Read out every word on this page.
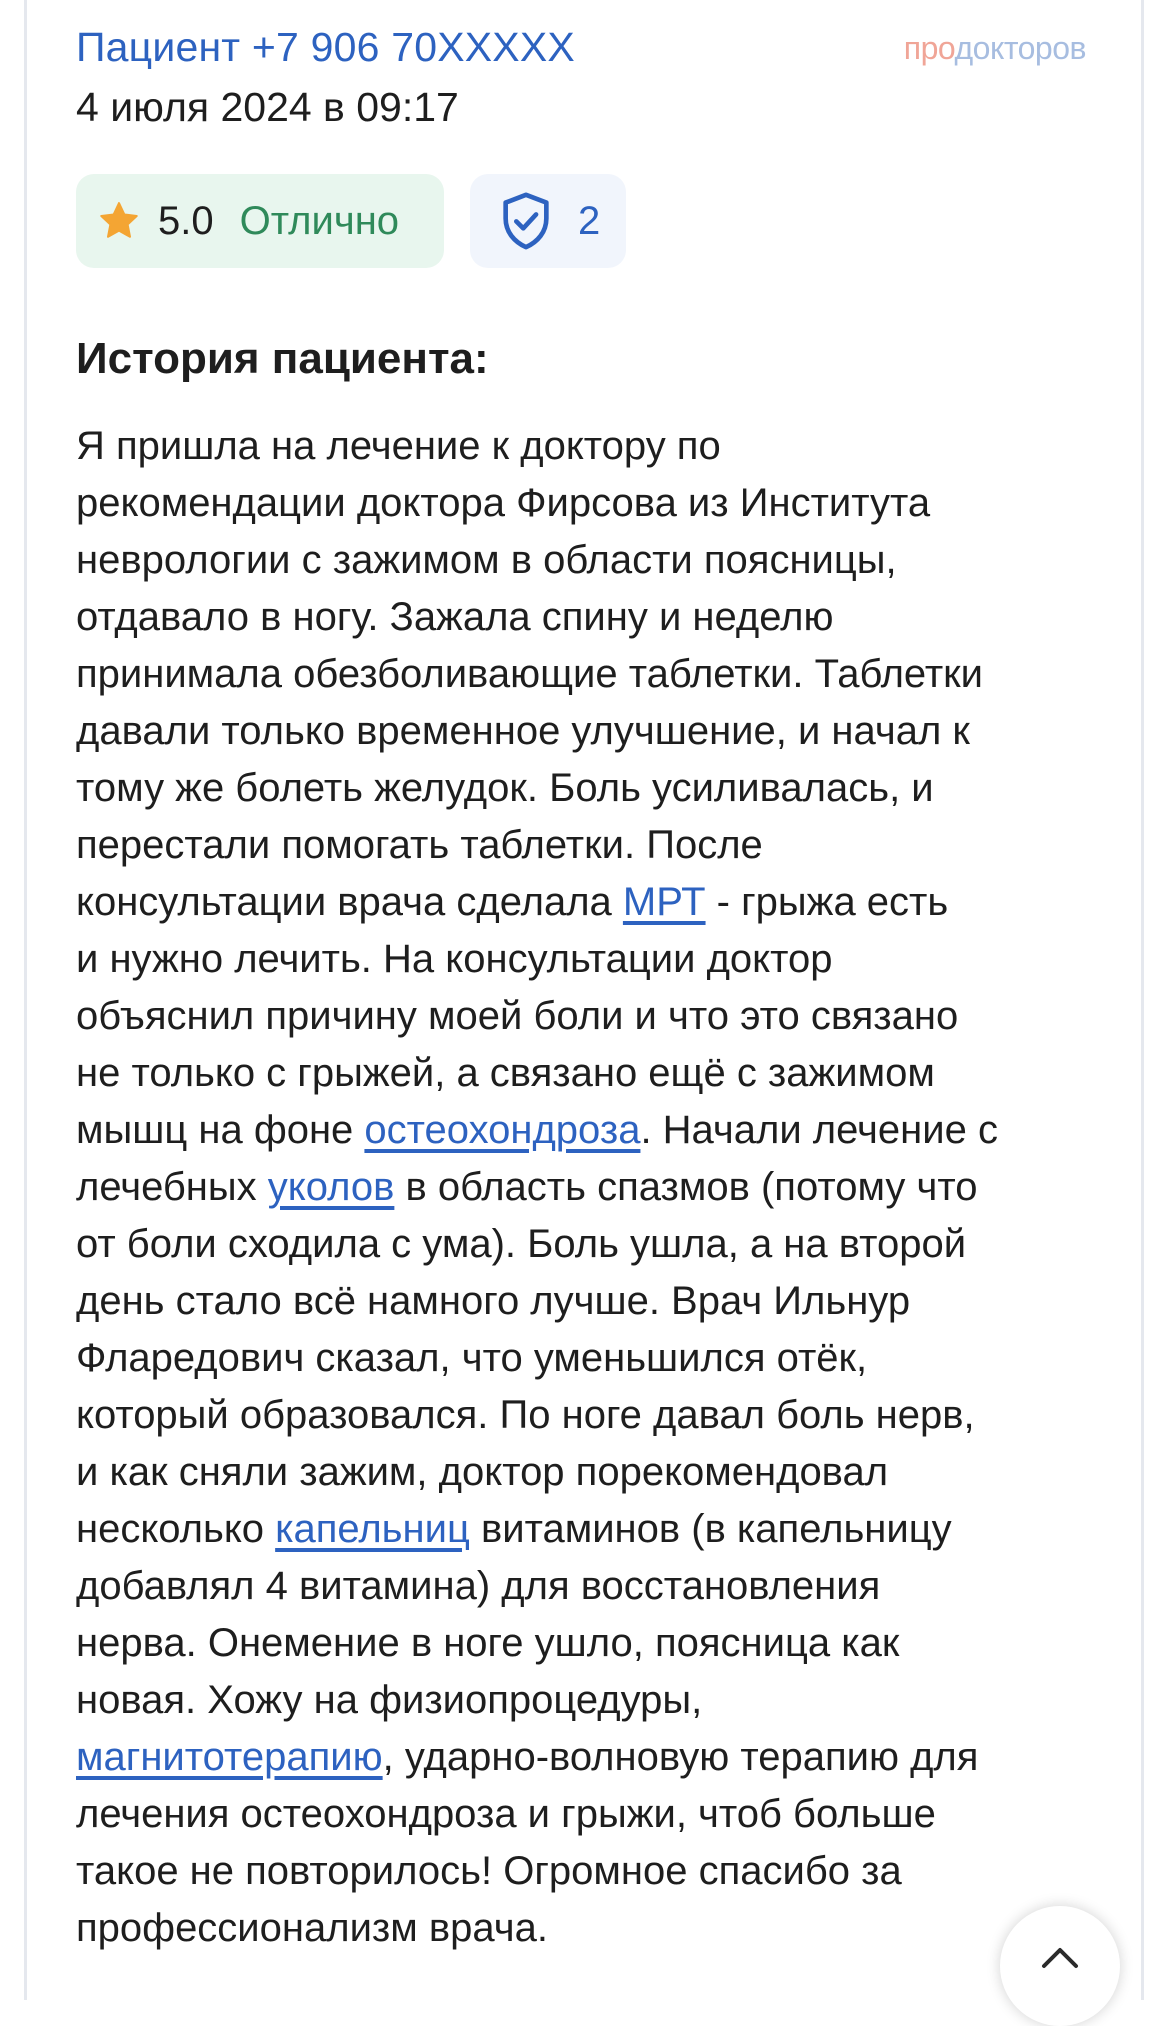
Пациент +7 906 70XXXXX	продокторов
4 июля 2024 в 09:17
5.0 Отлично	2
История пациента:
Я пришла на лечение к доктору по
рекомендации доктора Фирсова из Института
неврологии с зажимом в области поясницы,
отдавало в ногу. Зажала спину и неделю
принимала обезболивающие таблетки. Таблетки
давали только временное улучшение, и начал к
тому же болеть желудок. Боль усиливалась, и
перестали помогать таблетки. После
консультации врача сделала МРТ - грыжа есть
и нужно лечить. На консультации доктор
объяснил причину моей боли и что это связано
не только с грыжей, а связано ещё с зажимом
мышц на фоне остеохондроза. Начали лечение с
лечебных уколов в область спазмов (потому что
от боли сходила с ума). Боль ушла, а на второй
день стало всё намного лучше. Врач Ильнур
Фларедович сказал, что уменьшился отёк,
который образовался. По ноге давал боль нерв,
и как сняли зажим, доктор порекомендовал
несколько капельниц витаминов (в капельницу
добавлял 4 витамина) для восстановления
нерва. Онемение в ноге ушло, поясница как
новая. Хожу на физиопроцедуры,
магнитотерапию, ударно-волновую терапию для
лечения остеохондроза и грыжи, чтоб больше
такое не повторилось! Огромное спасибо за
профессионализм врача.
